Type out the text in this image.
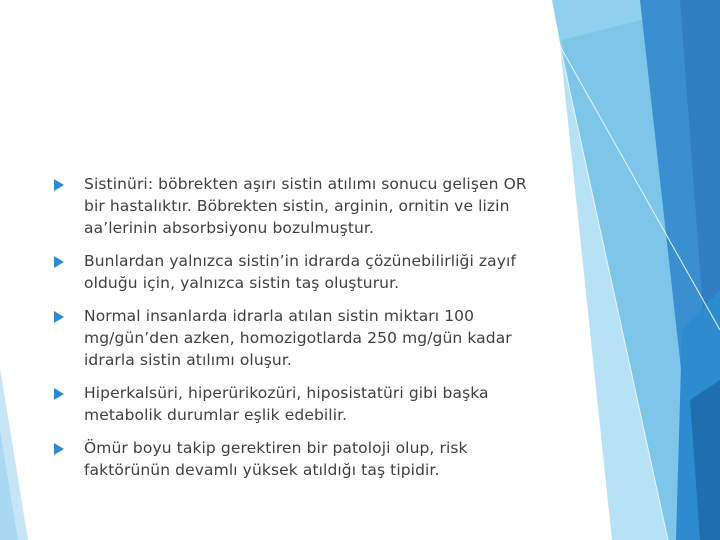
Sistinüri: böbrekten aşırı sistin atılımı sonucu gelişen OR bir hastalıktır. Böbrekten sistin, arginin, ornitin ve lizin aa’lerinin absorbsiyonu bozulmuştur.
Bunlardan yalnızca sistin’in idrarda çözünebilirliği zayıf olduğu için, yalnızca sistin taş oluşturur.
Normal insanlarda idrarla atılan sistin miktarı 100 mg/gün’den azken, homozigotlarda 250 mg/gün kadar idrarla sistin atılımı oluşur.
Hiperkalsüri, hiperürikozüri, hiposistatüri gibi başka metabolik durumlar eşlik edebilir.
Ömür boyu takip gerektiren bir patoloji olup, risk faktörünün devamlı yüksek atıldığı taş tipidir.
